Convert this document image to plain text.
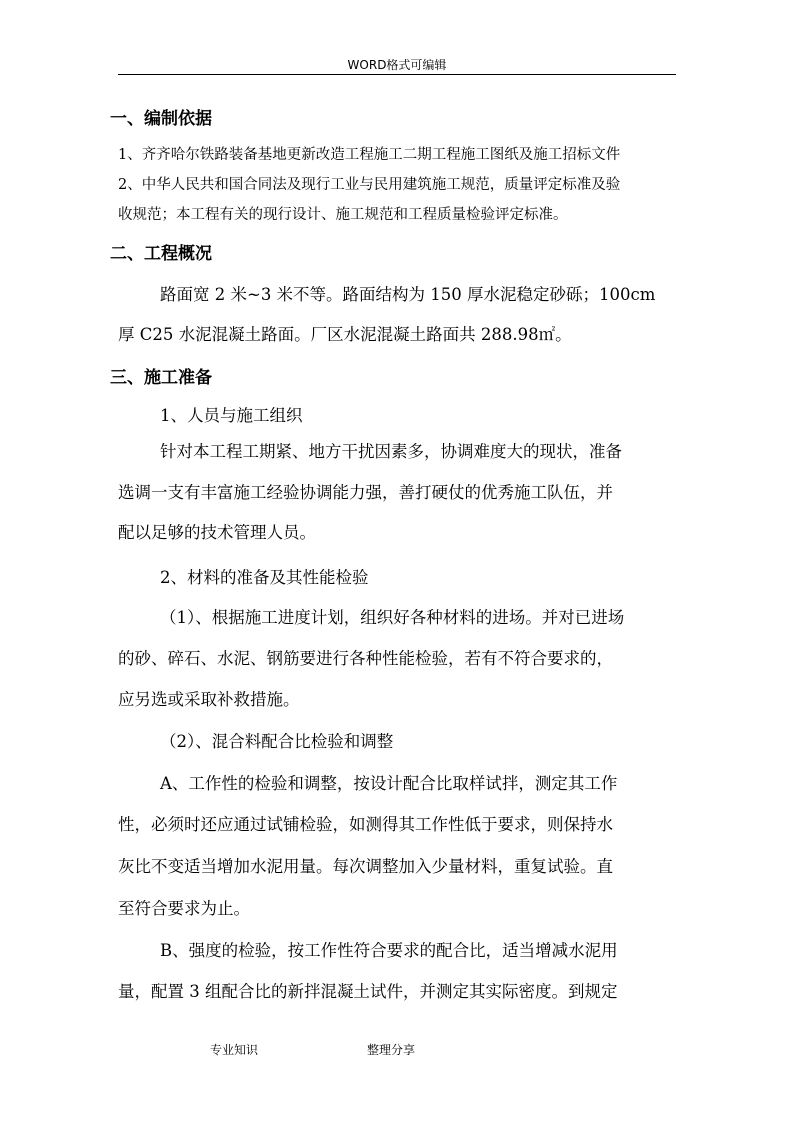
WORD格式可编辑
一、编制依据
1、齐齐哈尔铁路装备基地更新改造工程施工二期工程施工图纸及施工招标文件
2、中华人民共和国合同法及现行工业与民用建筑施工规范，质量评定标准及验
收规范；本工程有关的现行设计、施工规范和工程质量检验评定标准。
二、工程概况
路面宽 2 米~3 米不等。路面结构为 150 厚水泥稳定砂砾；100cm
厚 C25 水泥混凝土路面。厂区水泥混凝土路面共 288.98㎡。
三、施工准备
1、人员与施工组织
针对本工程工期紧、地方干扰因素多，协调难度大的现状，准备
选调一支有丰富施工经验协调能力强，善打硬仗的优秀施工队伍，并
配以足够的技术管理人员。
2、材料的准备及其性能检验
（1）、根据施工进度计划，组织好各种材料的进场。并对已进场
的砂、碎石、水泥、钢筋要进行各种性能检验，若有不符合要求的，
应另选或采取补救措施。
（2）、混合料配合比检验和调整
A、工作性的检验和调整，按设计配合比取样试拌，测定其工作
性，必须时还应通过试铺检验，如测得其工作性低于要求，则保持水
灰比不变适当增加水泥用量。每次调整加入少量材料，重复试验。直
至符合要求为止。
B、强度的检验，按工作性符合要求的配合比，适当增减水泥用
量，配置 3 组配合比的新拌混凝土试件，并测定其实际密度。到规定
专业知识	整理分享
